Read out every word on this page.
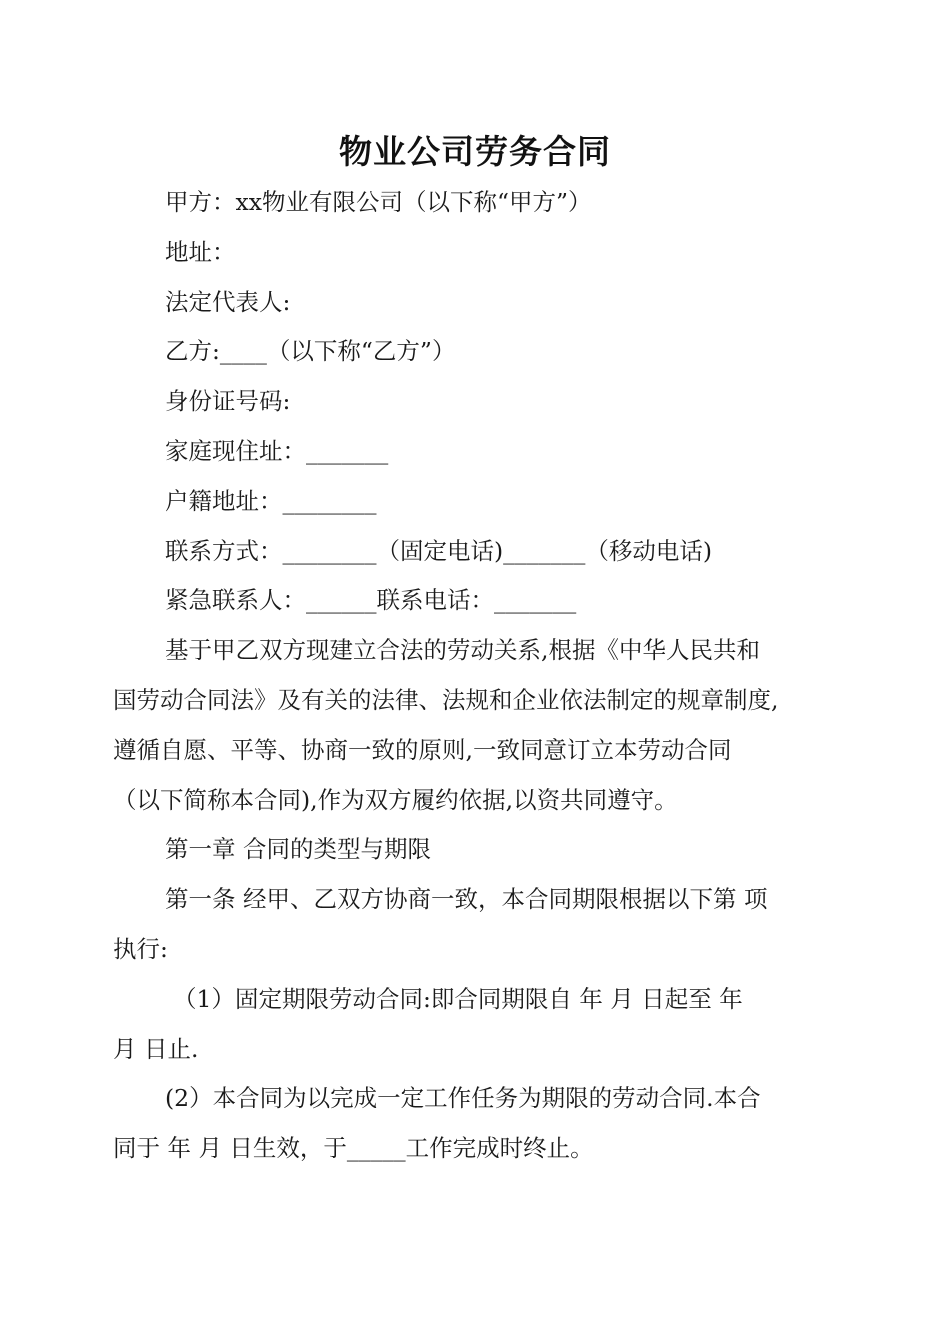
物业公司劳务合同
甲方：xx物业有限公司（以下称“甲方”）
地址：
法定代表人:
乙方:____（以下称“乙方”）
身份证号码:
家庭现住址：_______
户籍地址：________
联系方式：________（固定电话)_______（移动电话)
紧急联系人：______联系电话：_______
基于甲乙双方现建立合法的劳动关系,根据《中华人民共和
国劳动合同法》及有关的法律、法规和企业依法制定的规章制度,
遵循自愿、平等、协商一致的原则,一致同意订立本劳动合同
（以下简称本合同),作为双方履约依据,以资共同遵守。
第一章 合同的类型与期限
第一条 经甲、乙双方协商一致，本合同期限根据以下第 项
执行:
（1）固定期限劳动合同:即合同期限自 年 月 日起至 年
月 日止.
(2）本合同为以完成一定工作任务为期限的劳动合同.本合
同于 年 月 日生效，于_____工作完成时终止。
